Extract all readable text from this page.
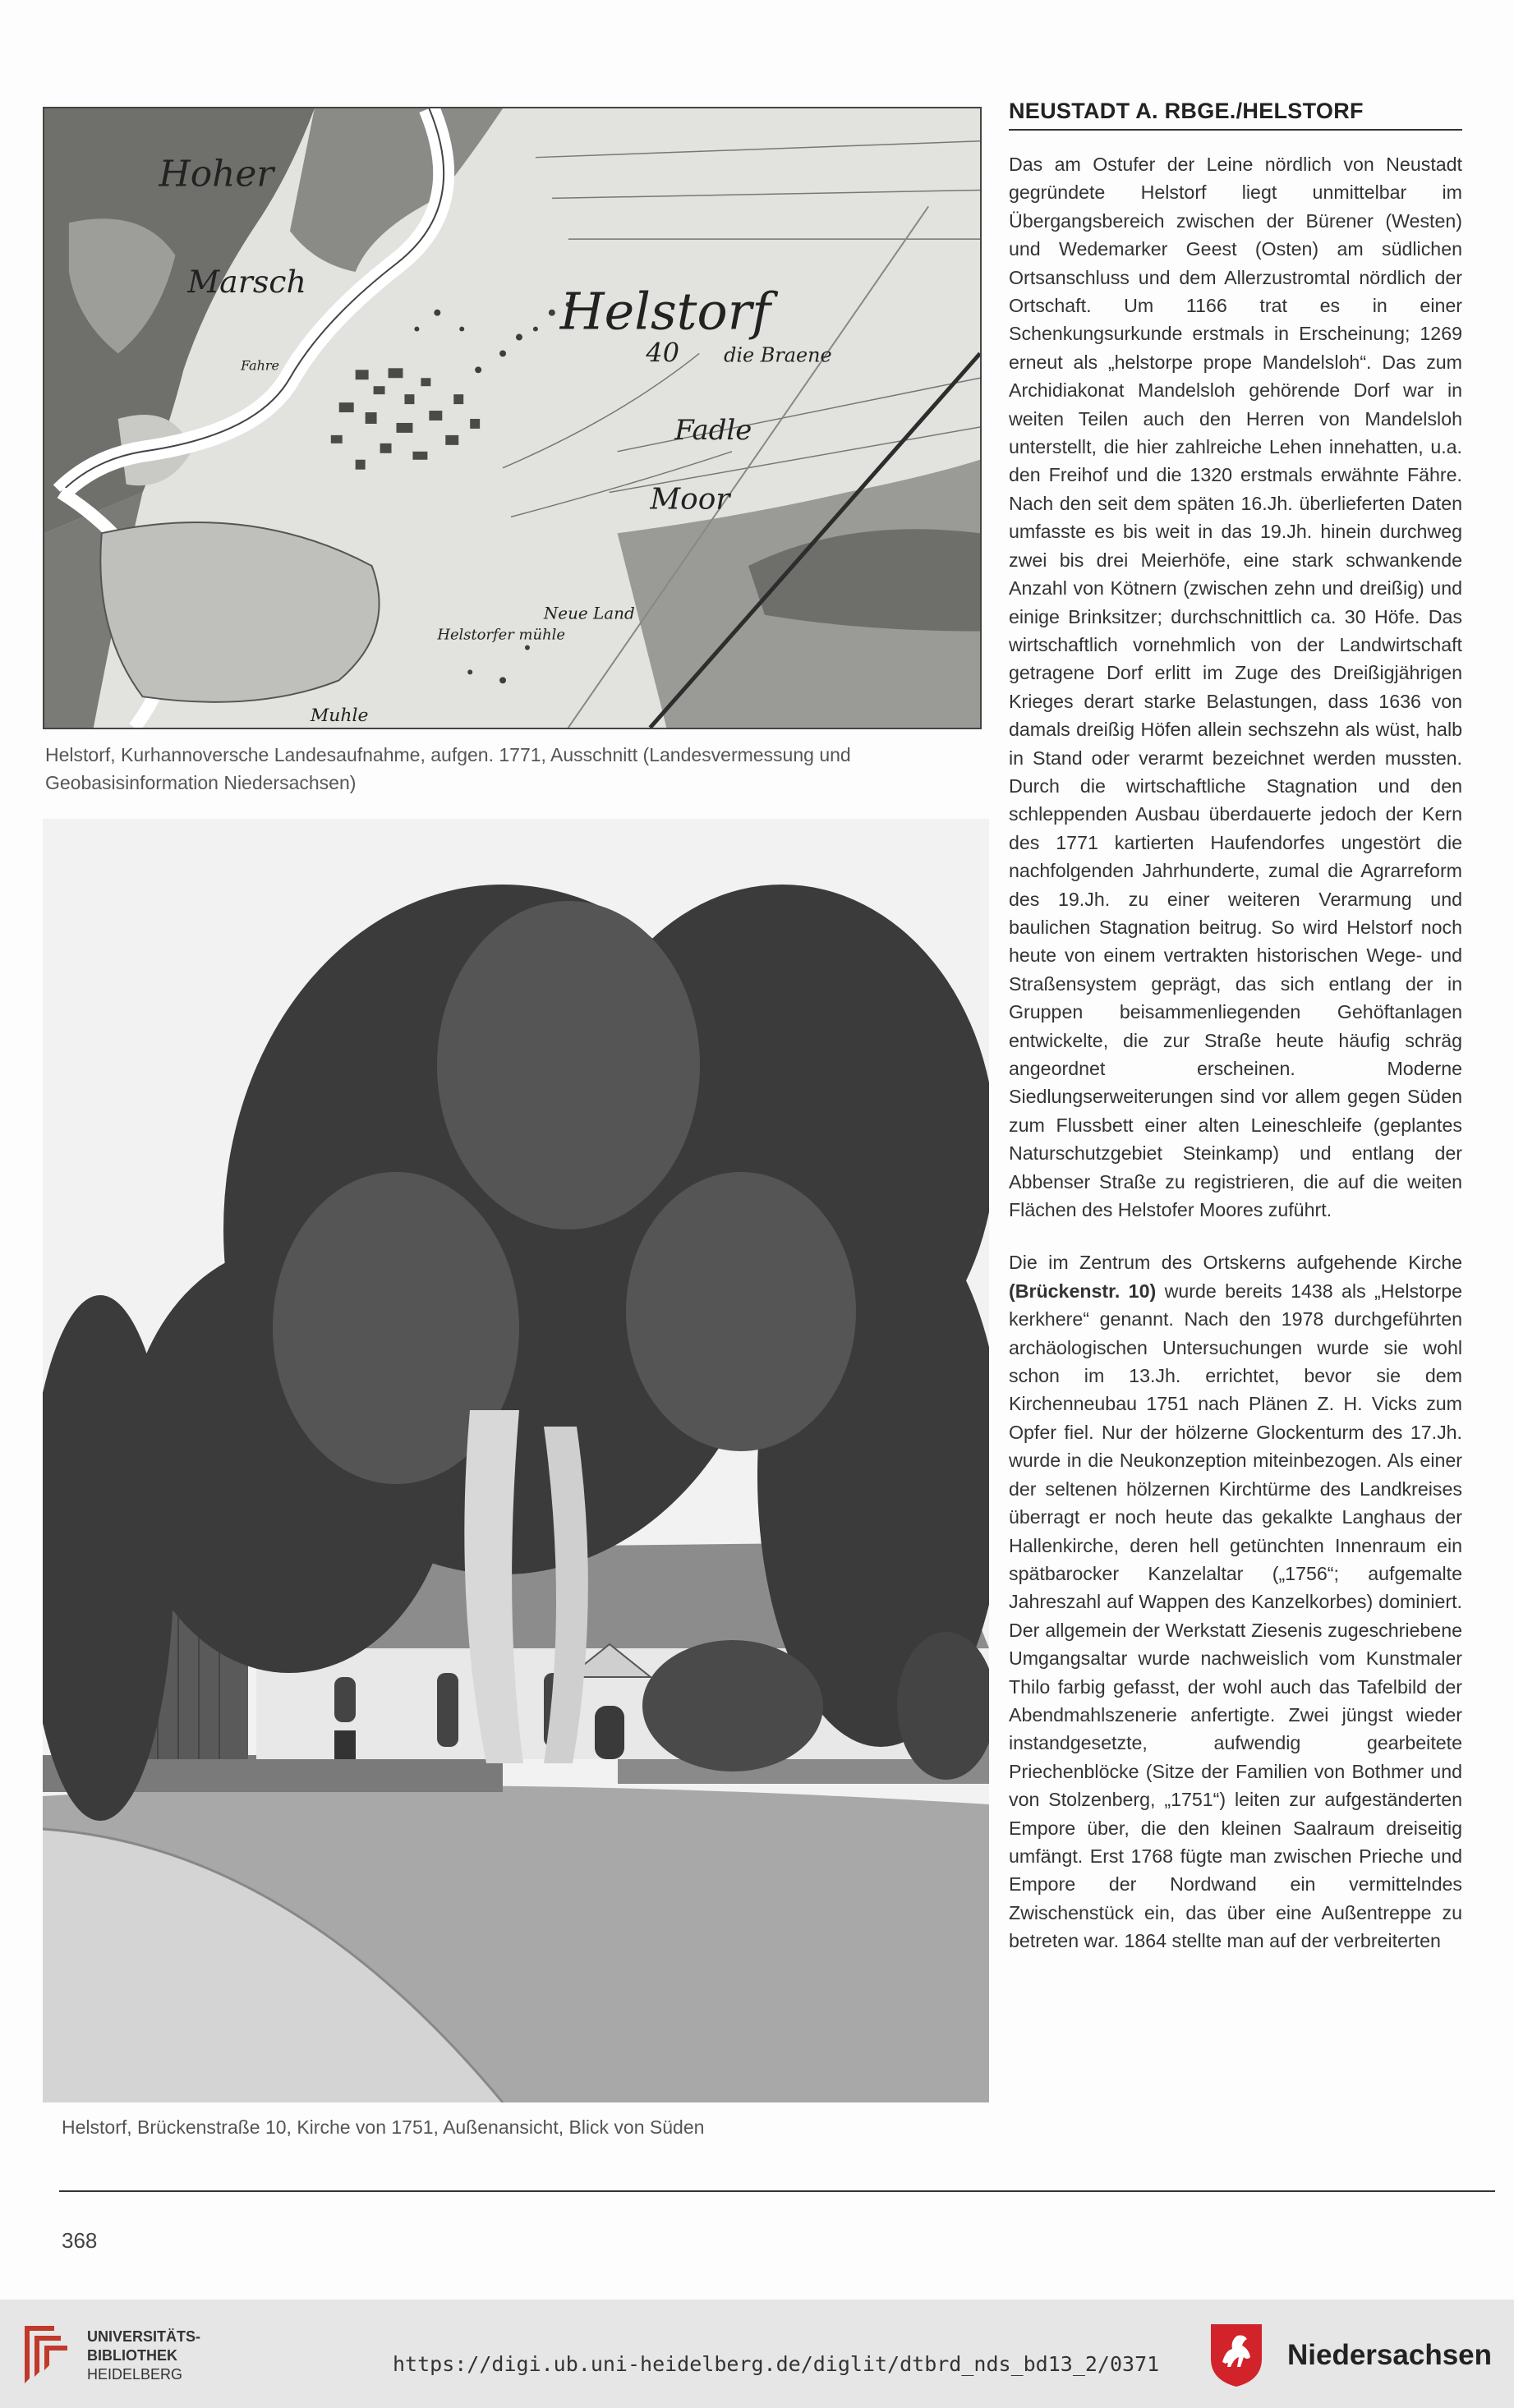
Hoher
Marsch
Fahre
Helstorf
40 die Braene
Fadle
Moor
Neue Land
Helstorfer mühle
Muhle
Helstorf, Kurhannoversche Landesaufnahme, aufgen. 1771, Ausschnitt (Landesvermessung und Geobasisinformation Niedersachsen)
Helstorf, Brückenstraße 10, Kirche von 1751, Außenansicht, Blick von Süden
NEUSTADT A. RBGE./HELSTORF

Das am Ostufer der Leine nördlich von Neustadt gegründete Helstorf liegt unmittelbar im Übergangsbereich zwischen der Bürener (Westen) und Wedemarker Geest (Osten) am südlichen Ortsanschluss und dem Allerzustromtal nördlich der Ortschaft. Um 1166 trat es in einer Schenkungsurkunde erstmals in Erscheinung; 1269 erneut als „helstorpe prope Mandelsloh“. Das zum Archidiakonat Mandelsloh gehörende Dorf war in weiten Teilen auch den Herren von Mandelsloh unterstellt, die hier zahlreiche Lehen innehatten, u.a. den Freihof und die 1320 erstmals erwähnte Fähre. Nach den seit dem späten 16.Jh. überlieferten Daten umfasste es bis weit in das 19.Jh. hinein durchweg zwei bis drei Meierhöfe, eine stark schwankende Anzahl von Kötnern (zwischen zehn und dreißig) und einige Brinksitzer; durchschnittlich ca. 30 Höfe. Das wirtschaftlich vornehmlich von der Landwirtschaft getragene Dorf erlitt im Zuge des Dreißigjährigen Krieges derart starke Belastungen, dass 1636 von damals dreißig Höfen allein sechszehn als wüst, halb in Stand oder verarmt bezeichnet werden mussten. Durch die wirtschaftliche Stagnation und den schleppenden Ausbau überdauerte jedoch der Kern des 1771 kartierten Haufendorfes ungestört die nachfolgenden Jahrhunderte, zumal die Agrarreform des 19.Jh. zu einer weiteren Verarmung und baulichen Stagnation beitrug. So wird Helstorf noch heute von einem vertrakten historischen Wege- und Straßensystem geprägt, das sich entlang der in Gruppen beisammenliegenden Gehöftanlagen entwickelte, die zur Straße heute häufig schräg angeordnet erscheinen. Moderne Siedlungserweiterungen sind vor allem gegen Süden zum Flussbett einer alten Leineschleife (geplantes Naturschutzgebiet Steinkamp) und entlang der Abbenser Straße zu registrieren, die auf die weiten Flächen des Helstofer Moores zuführt.

Die im Zentrum des Ortskerns aufgehende Kirche (Brückenstr. 10) wurde bereits 1438 als „Helstorpe kerkhere“ genannt. Nach den 1978 durchgeführten archäologischen Untersuchungen wurde sie wohl schon im 13.Jh. errichtet, bevor sie dem Kirchenneubau 1751 nach Plänen Z. H. Vicks zum Opfer fiel. Nur der hölzerne Glockenturm des 17.Jh. wurde in die Neukonzeption miteinbezogen. Als einer der seltenen hölzernen Kirchtürme des Landkreises überragt er noch heute das gekalkte Langhaus der Hallenkirche, deren hell getünchten Innenraum ein spätbarocker Kanzelaltar („1756“; aufgemalte Jahreszahl auf Wappen des Kanzelkorbes) dominiert. Der allgemein der Werkstatt Ziesenis zugeschriebene Umgangsaltar wurde nachweislich vom Kunstmaler Thilo farbig gefasst, der wohl auch das Tafelbild der Abendmahlszenerie anfertigte. Zwei jüngst wieder instandgesetzte, aufwendig gearbeitete Priechenblöcke (Sitze der Familien von Bothmer und von Stolzenberg, „1751“) leiten zur aufgeständerten Empore über, die den kleinen Saalraum dreiseitig umfängt. Erst 1768 fügte man zwischen Prieche und Empore der Nordwand ein vermittelndes Zwischenstück ein, das über eine Außentreppe zu betreten war. 1864 stellte man auf der verbreiterten

368
UNIVERSITÄTS-
BIBLIOTHEK
HEIDELBERG	https://digi.ub.uni-heidelberg.de/diglit/dtbrd_nds_bd13_2/0371	Niedersachsen
